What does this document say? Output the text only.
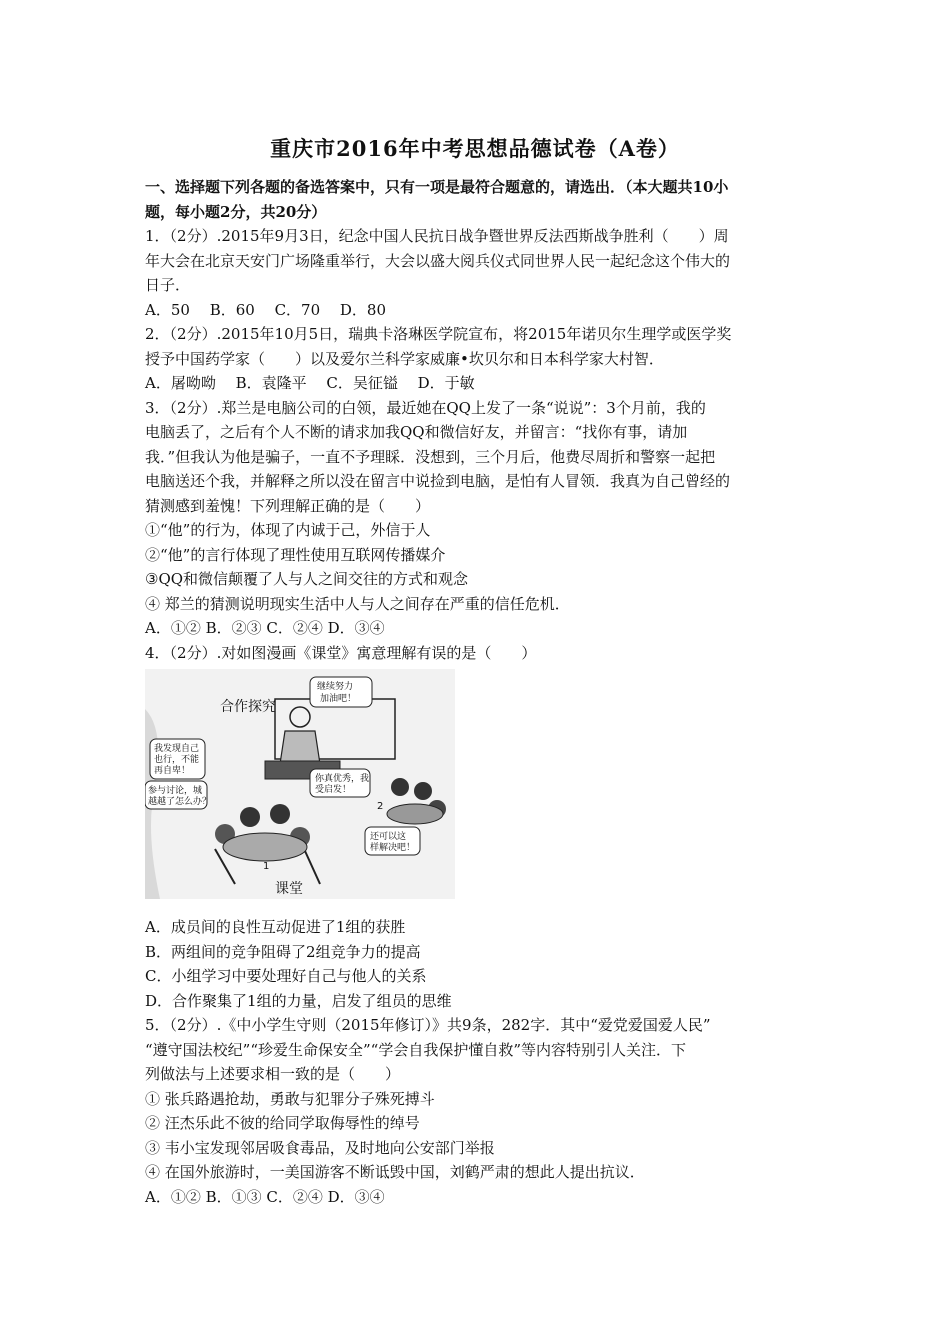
重庆市2016年中考思想品德试卷（A卷）
一、选择题下列各题的备选答案中，只有一项是最符合题意的，请选出．（本大题共10小
题，每小题2分，共20分）
1．（2分）.2015年9月3日，纪念中国人民抗日战争暨世界反法西斯战争胜利（　　）周
年大会在北京天安门广场隆重举行，大会以盛大阅兵仪式同世界人民一起纪念这个伟大的
日子．
A．50　 B．60　 C．70　 D．80
2．（2分）.2015年10月5日，瑞典卡洛琳医学院宣布，将2015年诺贝尔生理学或医学奖
授予中国药学家（　　）以及爱尔兰科学家威廉•坎贝尔和日本科学家大村智．
A．屠呦呦　 B．袁隆平　 C．吴征镒　 D．于敏
3．（2分）.郑兰是电脑公司的白领，最近她在QQ上发了一条“说说”：3个月前，我的
电脑丢了，之后有个人不断的请求加我QQ和微信好友，并留言：“找你有事，请加
我．”但我认为他是骗子，一直不予理睬．没想到，三个月后，他费尽周折和警察一起把
电脑送还个我，并解释之所以没在留言中说捡到电脑，是怕有人冒领．我真为自己曾经的
猜测感到羞愧！下列理解正确的是（　　）
①“他”的行为，体现了内诚于己，外信于人
②“他”的言行体现了理性使用互联网传播媒介
③QQ和微信颠覆了人与人之间交往的方式和观念
④ 郑兰的猜测说明现实生活中人与人之间存在严重的信任危机．
A．①② B．②③ C．②④ D．③④
4．（2分）.对如图漫画《课堂》寓意理解有误的是（　　）
合作探究
继续努力
加油吧！
我发现自己
也行，不能
再自卑！
参与讨论，城
越越了怎么办？
你真优秀，我
受启发！
还可以这
样解决吧！
1
2
课堂
A．成员间的良性互动促进了1组的获胜
B．两组间的竞争阻碍了2组竞争力的提高
C．小组学习中要处理好自己与他人的关系
D．合作聚集了1组的力量，启发了组员的思维
5．（2分）.《中小学生守则（2015年修订）》共9条，282字．其中“爱党爱国爱人民”
“遵守国法校纪”“珍爱生命保安全”“学会自我保护懂自救”等内容特别引人关注．下
列做法与上述要求相一致的是（　　）
① 张兵路遇抢劫，勇敢与犯罪分子殊死搏斗
② 汪杰乐此不彼的给同学取侮辱性的绰号
③ 韦小宝发现邻居吸食毒品，及时地向公安部门举报
④ 在国外旅游时，一美国游客不断诋毁中国，刘鹤严肃的想此人提出抗议．
A．①② B．①③ C．②④ D．③④
